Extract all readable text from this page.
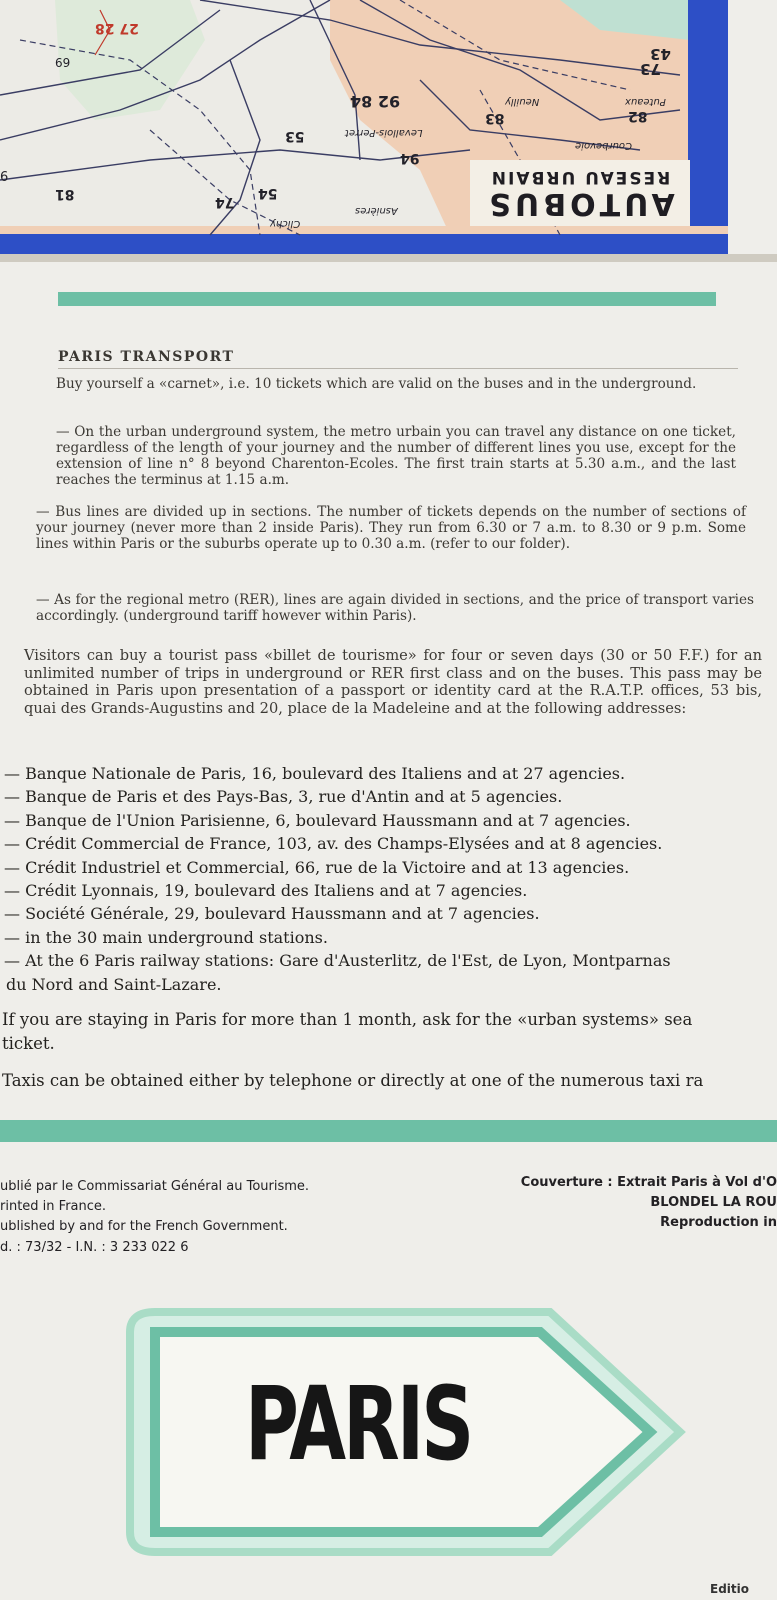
43
73
82
83
92 84
94
53
74
81	54
Neuilly	Puteaux
Courbevoie
Levallois-Perret
Asnières
Clichy
27 28
69
6
AUTOBUS
RESEAU URBAIN
PARIS TRANSPORT

Buy yourself a «carnet», i.e. 10 tickets which are valid on the buses and in the underground.

— On the urban underground system, the metro urbain you can travel any distance on one ticket, regardless of the length of your journey and the number of different lines you use, except for the extension of line n° 8 beyond Charenton-Ecoles. The first train starts at 5.30 a.m., and the last reaches the terminus at 1.15 a.m.

— Bus lines are divided up in sections. The number of tickets depends on the number of sections of your journey (never more than 2 inside Paris). They run from 6.30 or 7 a.m. to 8.30 or 9 p.m. Some lines within Paris or the suburbs operate up to 0.30 a.m. (refer to our folder).

— As for the regional metro (RER), lines are again divided in sections, and the price of transport varies accordingly. (underground tariff however within Paris).

Visitors can buy a tourist pass «billet de tourisme» for four or seven days (30 or 50 F.F.) for an unlimited number of trips in underground or RER first class and on the buses. This pass may be obtained in Paris upon presentation of a passport or identity card at the R.A.T.P. offices, 53 bis, quai des Grands-Augustins and 20, place de la Madeleine and at the following addresses:

— Banque Nationale de Paris, 16, boulevard des Italiens and at 27 agencies.
— Banque de Paris et des Pays-Bas, 3, rue d'Antin and at 5 agencies.
— Banque de l'Union Parisienne, 6, boulevard Haussmann and at 7 agencies.
— Crédit Commercial de France, 103, av. des Champs-Elysées and at 8 agencies.
— Crédit Industriel et Commercial, 66, rue de la Victoire and at 13 agencies.
— Crédit Lyonnais, 19, boulevard des Italiens and at 7 agencies.
— Société Générale, 29, boulevard Haussmann and at 7 agencies.
— in the 30 main underground stations.
— At the 6 Paris railway stations: Gare d'Austerlitz, de l'Est, de Lyon, Montparnas
du Nord and Saint-Lazare.

If you are staying in Paris for more than 1 month, ask for the «urban systems» sea

ticket.

Taxis can be obtained either by telephone or directly at one of the numerous taxi ra

ublié par le Commissariat Général au Tourisme.
rinted in France.
ublished by and for the French Government.
d. : 73/32 - I.N. : 3 233 022 6
Couverture : Extrait Paris à Vol d'O
BLONDEL LA ROU
Reproduction in
PARIS
Editio
